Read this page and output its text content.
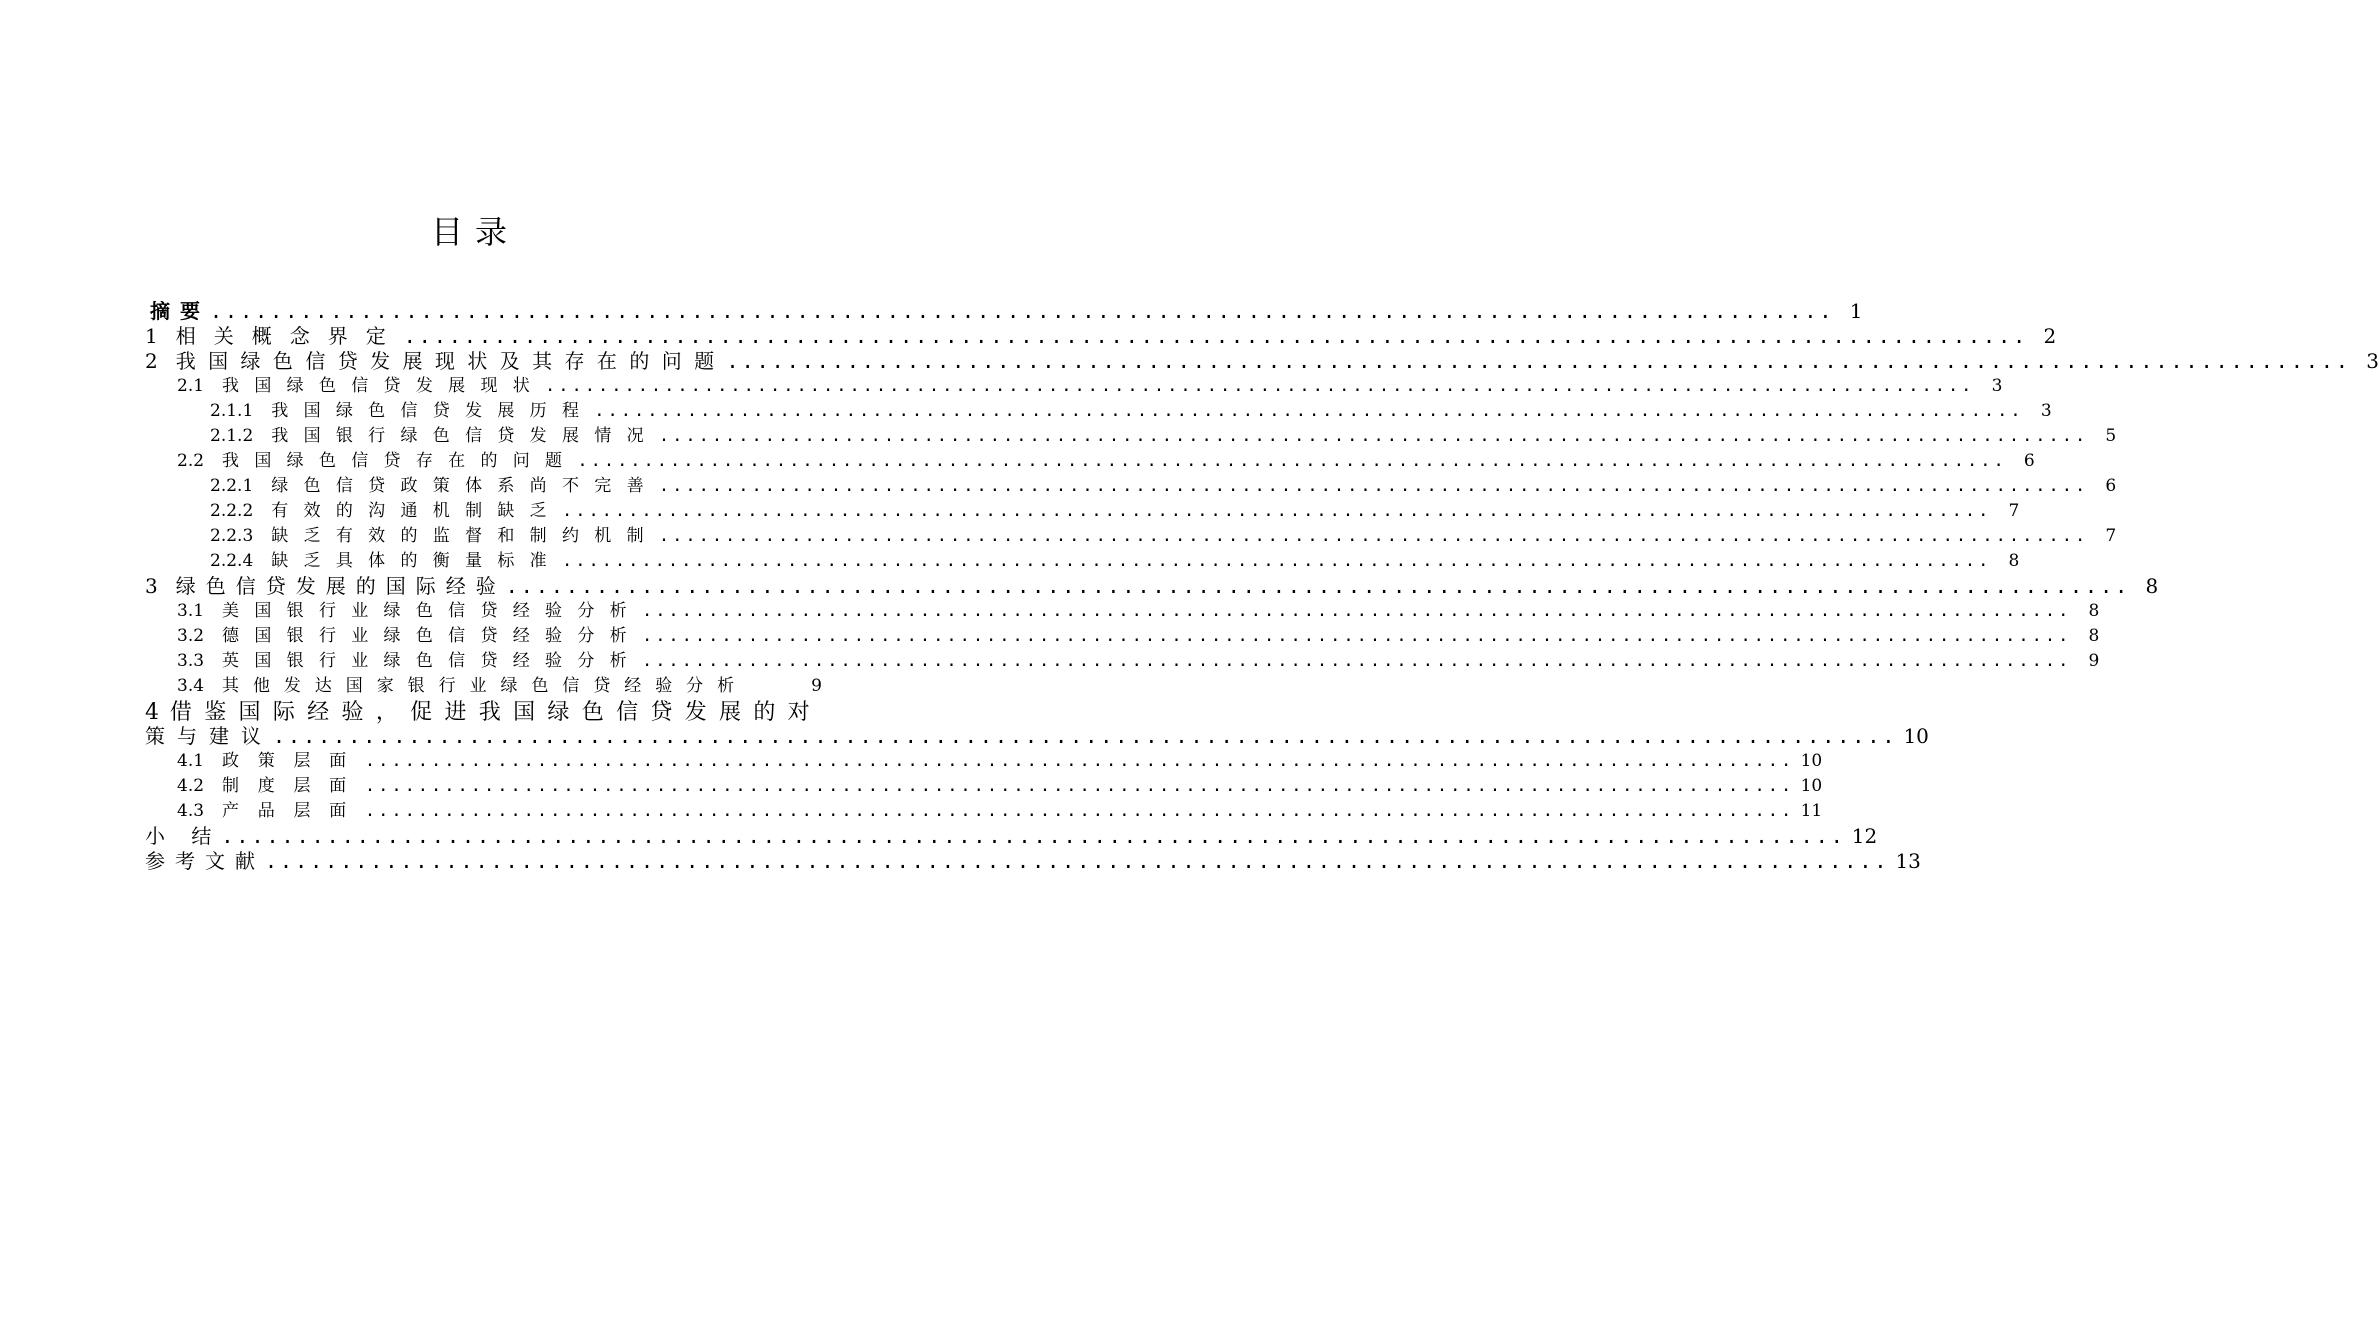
目录
摘要 ............................................................................................................ 1
1 相关概念界定 ............................................................................................................ 2
2 我国绿色信贷发展现状及其存在的问题 ............................................................................................................ 3
2.1 我国绿色信贷发展现状 ............................................................................................................	3
2.1.1 我国绿色信贷发展历程 ............................................................................................................	3
2.1.2 我国银行绿色信贷发展情况 ............................................................................................................	5
2.2 我国绿色信贷存在的问题 ............................................................................................................	6
2.2.1 绿色信贷政策体系尚不完善 ............................................................................................................	6
2.2.2 有效的沟通机制缺乏 ............................................................................................................	7
2.2.3 缺乏有效的监督和制约机制 ............................................................................................................	7
2.2.4 缺乏具体的衡量标准 ............................................................................................................	8
3 绿色信贷发展的国际经验 ............................................................................................................ 8
3.1 美国银行业绿色信贷经验分析 ............................................................................................................	8
3.2 德国银行业绿色信贷经验分析 ............................................................................................................	8
3.3 英国银行业绿色信贷经验分析 ............................................................................................................	9
3.4 其他发达国家银行业绿色信贷经验分析	9
4 借鉴国际经验，促进我国绿色信贷发展的对
策与建议 ............................................................................................................ 10
4.1 政策层面 ............................................................................................................ 10
4.2 制度层面 ............................................................................................................ 10
4.3 产品层面 ............................................................................................................ 11
小 结 ............................................................................................................ 12
参考文献 ............................................................................................................ 13
